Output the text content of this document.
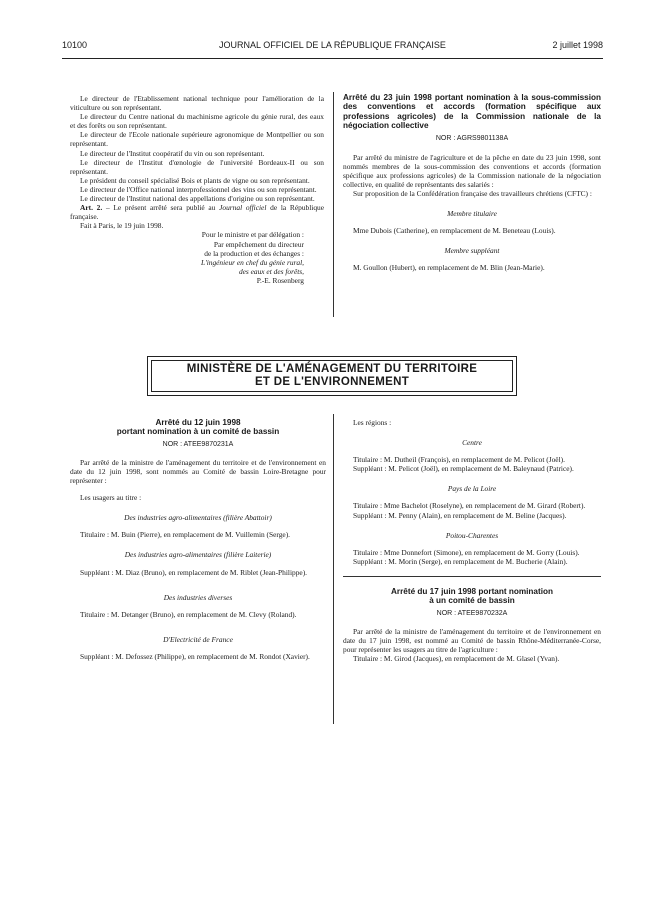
10100	JOURNAL OFFICIEL DE LA RÉPUBLIQUE FRANÇAISE	2 juillet 1998

Le directeur de l'Etablissement national technique pour l'amélioration de la viticulture ou son représentant.

Le directeur du Centre national du machinisme agricole du génie rural, des eaux et des forêts ou son représentant.

Le directeur de l'Ecole nationale supérieure agronomique de Montpellier ou son représentant.

Le directeur de l'Institut coopératif du vin ou son représentant.

Le directeur de l'Institut d'œnologie de l'université Bordeaux-II ou son représentant.

Le président du conseil spécialisé Bois et plants de vigne ou son représentant.

Le directeur de l'Office national interprofessionnel des vins ou son représentant.

Le directeur de l'Institut national des appellations d'origine ou son représentant.

Art. 2. – Le présent arrêté sera publié au Journal officiel de la République française.

Fait à Paris, le 19 juin 1998.

Pour le ministre et par délégation :

Par empêchement du directeur

de la production et des échanges :

L'ingénieur en chef du génie rural,

des eaux et des forêts,

P.-E. Rosenberg

Arrêté du 23 juin 1998 portant nomination à la sous-commission des conventions et accords (formation spécifique aux professions agricoles) de la Commission nationale de la négociation collective

NOR : AGRS9801138A

Par arrêté du ministre de l'agriculture et de la pêche en date du 23 juin 1998, sont nommés membres de la sous-commission des conventions et accords (formation spécifique aux professions agricoles) de la Commission nationale de la négociation collective, en qualité de représentants des salariés :

Sur proposition de la Confédération française des travailleurs chrétiens (CFTC) :

Membre titulaire

Mme Dubois (Catherine), en remplacement de M. Beneteau (Louis).

Membre suppléant

M. Goullon (Hubert), en remplacement de M. Blin (Jean-Marie).

MINISTÈRE DE L'AMÉNAGEMENT DU TERRITOIRE
ET DE L'ENVIRONNEMENT

Arrêté du 12 juin 1998

portant nomination à un comité de bassin

NOR : ATEE9870231A

Par arrêté de la ministre de l'aménagement du territoire et de l'environnement en date du 12 juin 1998, sont nommés au Comité de bassin Loire-Bretagne pour représenter :

Les usagers au titre :

Des industries agro-alimentaires (filière Abattoir)

Titulaire : M. Buin (Pierre), en remplacement de M. Vuillemin (Serge).

Des industries agro-alimentaires (filière Laiterie)

Suppléant : M. Diaz (Bruno), en remplacement de M. Riblet (Jean-Philippe).

Des industries diverses

Titulaire : M. Detanger (Bruno), en remplacement de M. Clevy (Roland).

D'Electricité de France

Suppléant : M. Defossez (Philippe), en remplacement de M. Rondot (Xavier).

Les régions :

Centre

Titulaire : M. Dutheil (François), en remplacement de M. Pelicot (Joël).

Suppléant : M. Pelicot (Joël), en remplacement de M. Baleynaud (Patrice).

Pays de la Loire

Titulaire : Mme Bachelot (Roselyne), en remplacement de M. Girard (Robert).

Suppléant : M. Penny (Alain), en remplacement de M. Beline (Jacques).

Poitou-Charentes

Titulaire : Mme Donnefort (Simone), en remplacement de M. Gorry (Louis).

Suppléant : M. Morin (Serge), en remplacement de M. Bucherie (Alain).

Arrêté du 17 juin 1998 portant nomination

à un comité de bassin

NOR : ATEE9870232A

Par arrêté de la ministre de l'aménagement du territoire et de l'environnement en date du 17 juin 1998, est nommé au Comité de bassin Rhône-Méditerranée-Corse, pour représenter les usagers au titre de l'agriculture :

Titulaire : M. Girod (Jacques), en remplacement de M. Glasel (Yvan).
